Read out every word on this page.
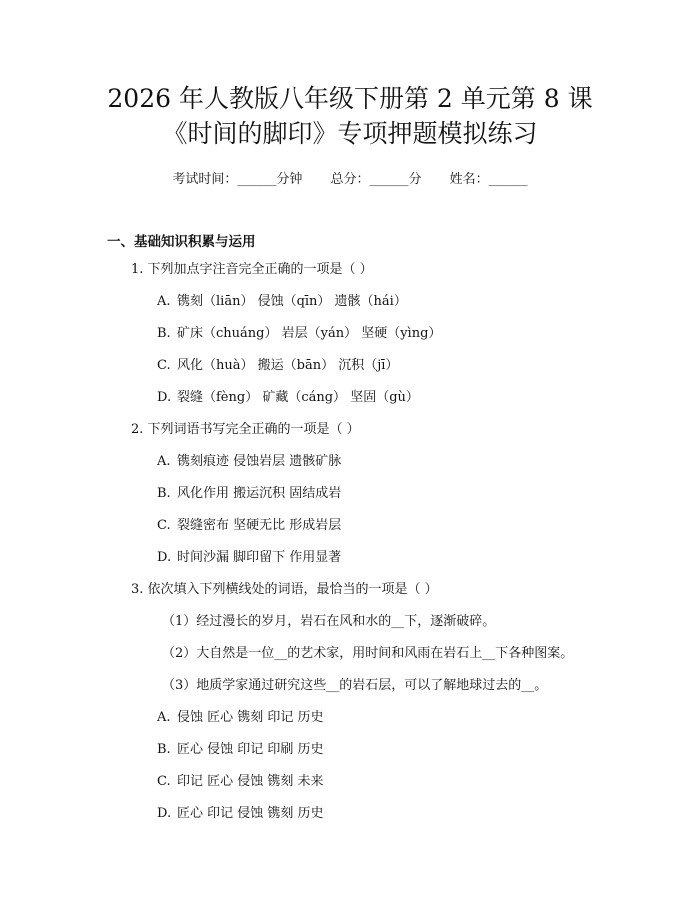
2026 年人教版八年级下册第 2 单元第 8 课
《时间的脚印》专项押题模拟练习
考试时间：______分钟 总分：______分 姓名：______
一、基础知识积累与运用
1. 下列加点字注音完全正确的一项是（ ）
A. 镌刻（liān） 侵蚀（qīn） 遗骸（hái）
B. 矿床（chuáng） 岩层（yán） 坚硬（yìng）
C. 风化（huà） 搬运（bān） 沉积（jī）
D. 裂缝（fèng） 矿藏（cáng） 坚固（gù）
2. 下列词语书写完全正确的一项是（ ）
A. 镌刻痕迹 侵蚀岩层 遗骸矿脉
B. 风化作用 搬运沉积 固结成岩
C. 裂缝密布 坚硬无比 形成岩层
D. 时间沙漏 脚印留下 作用显著
3. 依次填入下列横线处的词语，最恰当的一项是（ ）
（1）经过漫长的岁月，岩石在风和水的__下，逐渐破碎。
（2）大自然是一位__的艺术家，用时间和风雨在岩石上__下各种图案。
（3）地质学家通过研究这些__的岩石层，可以了解地球过去的__。
A. 侵蚀 匠心 镌刻 印记 历史
B. 匠心 侵蚀 印记 印刷 历史
C. 印记 匠心 侵蚀 镌刻 未来
D. 匠心 印记 侵蚀 镌刻 历史
